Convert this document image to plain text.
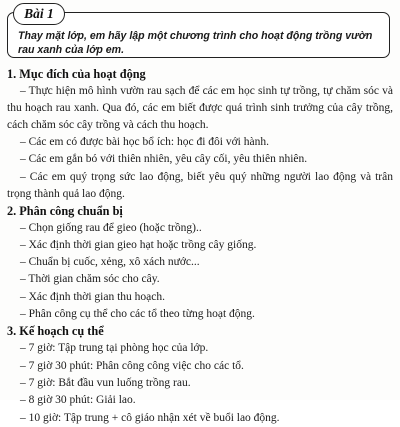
Bài 1
Thay mặt lớp, em hãy lập một chương trình cho hoạt động trồng vườn rau xanh của lớp em.

1. Mục đích của hoạt động

– Thực hiện mô hình vườn rau sạch để các em học sinh tự trồng, tự chăm sóc và thu hoạch rau xanh. Qua đó, các em biết được quá trình sinh trưởng của cây trồng, cách chăm sóc cây trồng và cách thu hoạch.

– Các em có được bài học bổ ích: học đi đôi với hành.

– Các em gắn bó với thiên nhiên, yêu cây cối, yêu thiên nhiên.

– Các em quý trọng sức lao động, biết yêu quý những người lao động và trân trọng thành quả lao động.

2. Phân công chuẩn bị

– Chọn giống rau để gieo (hoặc trồng)..

– Xác định thời gian gieo hạt hoặc trồng cây giống.

– Chuẩn bị cuốc, xẻng, xô xách nước...

– Thời gian chăm sóc cho cây.

– Xác định thời gian thu hoạch.

– Phân công cụ thể cho các tổ theo từng hoạt động.

3. Kế hoạch cụ thể

– 7 giờ: Tập trung tại phòng học của lớp.

– 7 giờ 30 phút: Phân công công việc cho các tổ.

– 7 giờ: Bắt đầu vun luống trồng rau.

– 8 giờ 30 phút: Giải lao.

– 10 giờ: Tập trung + cô giáo nhận xét về buổi lao động.
